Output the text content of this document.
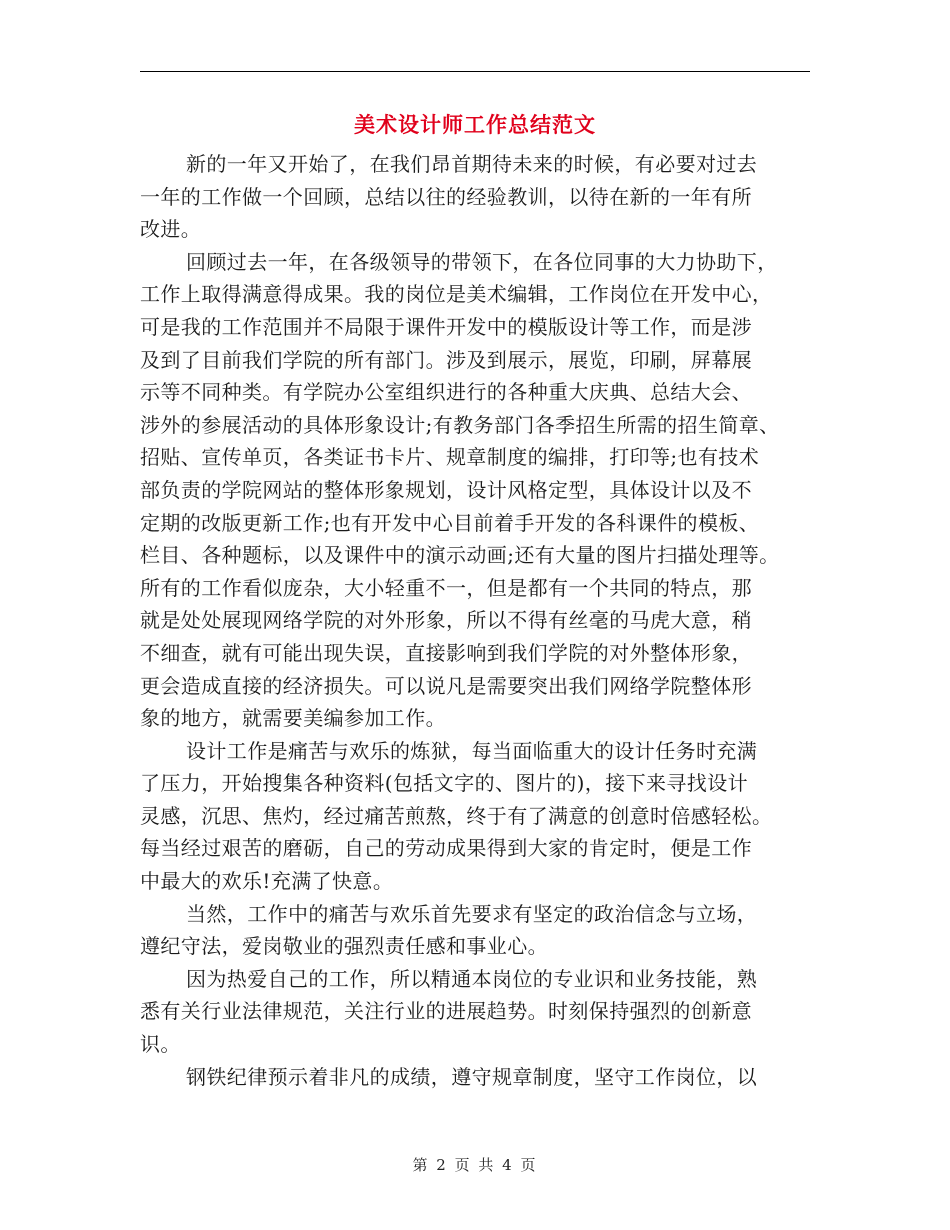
美术设计师工作总结范文
新的一年又开始了，在我们昂首期待未来的时候，有必要对过去
一年的工作做一个回顾，总结以往的经验教训，以待在新的一年有所
改进。
回顾过去一年，在各级领导的带领下，在各位同事的大力协助下，
工作上取得满意得成果。我的岗位是美术编辑，工作岗位在开发中心，
可是我的工作范围并不局限于课件开发中的模版设计等工作，而是涉
及到了目前我们学院的所有部门。涉及到展示，展览，印刷，屏幕展
示等不同种类。有学院办公室组织进行的各种重大庆典、总结大会、
涉外的参展活动的具体形象设计;有教务部门各季招生所需的招生简章、
招贴、宣传单页，各类证书卡片、规章制度的编排，打印等;也有技术
部负责的学院网站的整体形象规划，设计风格定型，具体设计以及不
定期的改版更新工作;也有开发中心目前着手开发的各科课件的模板、
栏目、各种题标，以及课件中的演示动画;还有大量的图片扫描处理等。
所有的工作看似庞杂，大小轻重不一，但是都有一个共同的特点，那
就是处处展现网络学院的对外形象，所以不得有丝毫的马虎大意，稍
不细查，就有可能出现失误，直接影响到我们学院的对外整体形象，
更会造成直接的经济损失。可以说凡是需要突出我们网络学院整体形
象的地方，就需要美编参加工作。
设计工作是痛苦与欢乐的炼狱，每当面临重大的设计任务时充满
了压力，开始搜集各种资料(包括文字的、图片的)，接下来寻找设计
灵感，沉思、焦灼，经过痛苦煎熬，终于有了满意的创意时倍感轻松。
每当经过艰苦的磨砺，自己的劳动成果得到大家的肯定时，便是工作
中最大的欢乐!充满了快意。
当然，工作中的痛苦与欢乐首先要求有坚定的政治信念与立场，
遵纪守法，爱岗敬业的强烈责任感和事业心。
因为热爱自己的工作，所以精通本岗位的专业识和业务技能，熟
悉有关行业法律规范，关注行业的进展趋势。时刻保持强烈的创新意
识。
钢铁纪律预示着非凡的成绩，遵守规章制度，坚守工作岗位，以
第 2 页 共 4 页
